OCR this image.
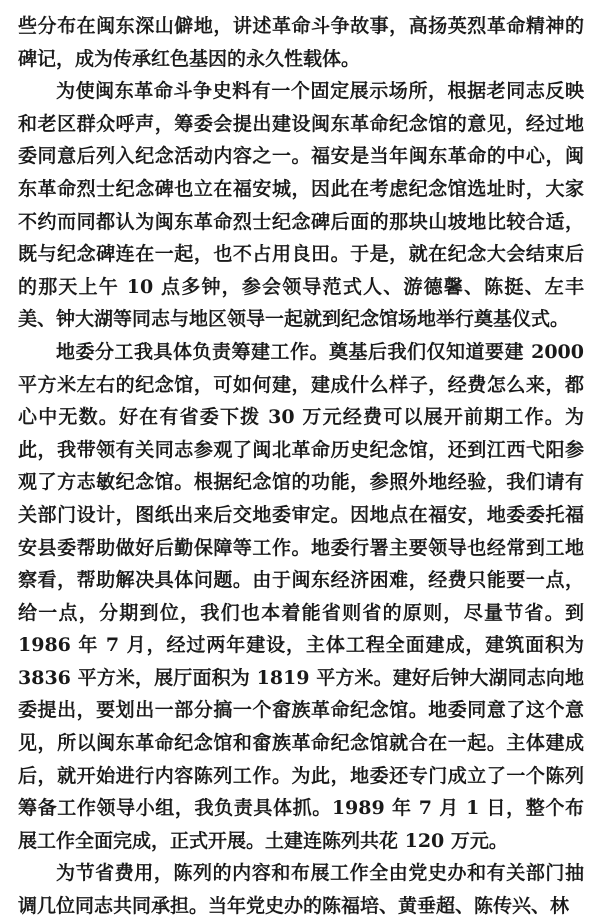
些分布在闽东深山僻地，讲述革命斗争故事，高扬英烈革命精神的碑记，成为传承红色基因的永久性载体。

为使闽东革命斗争史料有一个固定展示场所，根据老同志反映和老区群众呼声，筹委会提出建设闽东革命纪念馆的意见，经过地委同意后列入纪念活动内容之一。福安是当年闽东革命的中心，闽东革命烈士纪念碑也立在福安城，因此在考虑纪念馆选址时，大家不约而同都认为闽东革命烈士纪念碑后面的那块山坡地比较合适，既与纪念碑连在一起，也不占用良田。于是，就在纪念大会结束后的那天上午 10 点多钟，参会领导范式人、游德馨、陈挺、左丰美、钟大湖等同志与地区领导一起就到纪念馆场地举行奠基仪式。

地委分工我具体负责筹建工作。奠基后我们仅知道要建 2000 平方米左右的纪念馆，可如何建，建成什么样子，经费怎么来，都心中无数。好在有省委下拨 30 万元经费可以展开前期工作。为此，我带领有关同志参观了闽北革命历史纪念馆，还到江西弋阳参观了方志敏纪念馆。根据纪念馆的功能，参照外地经验，我们请有关部门设计，图纸出来后交地委审定。因地点在福安，地委委托福安县委帮助做好后勤保障等工作。地委行署主要领导也经常到工地察看，帮助解决具体问题。由于闽东经济困难，经费只能要一点，给一点，分期到位，我们也本着能省则省的原则，尽量节省。到 1986 年 7 月，经过两年建设，主体工程全面建成，建筑面积为 3836 平方米，展厅面积为 1819 平方米。建好后钟大湖同志向地委提出，要划出一部分搞一个畲族革命纪念馆。地委同意了这个意见，所以闽东革命纪念馆和畲族革命纪念馆就合在一起。主体建成后，就开始进行内容陈列工作。为此，地委还专门成立了一个陈列筹备工作领导小组，我负责具体抓。1989 年 7 月 1 日，整个布展工作全面完成，正式开展。土建连陈列共花 120 万元。

为节省费用，陈列的内容和布展工作全由党史办和有关部门抽调几位同志共同承担。当年党史办的陈福培、黄垂超、陈传兴、林
